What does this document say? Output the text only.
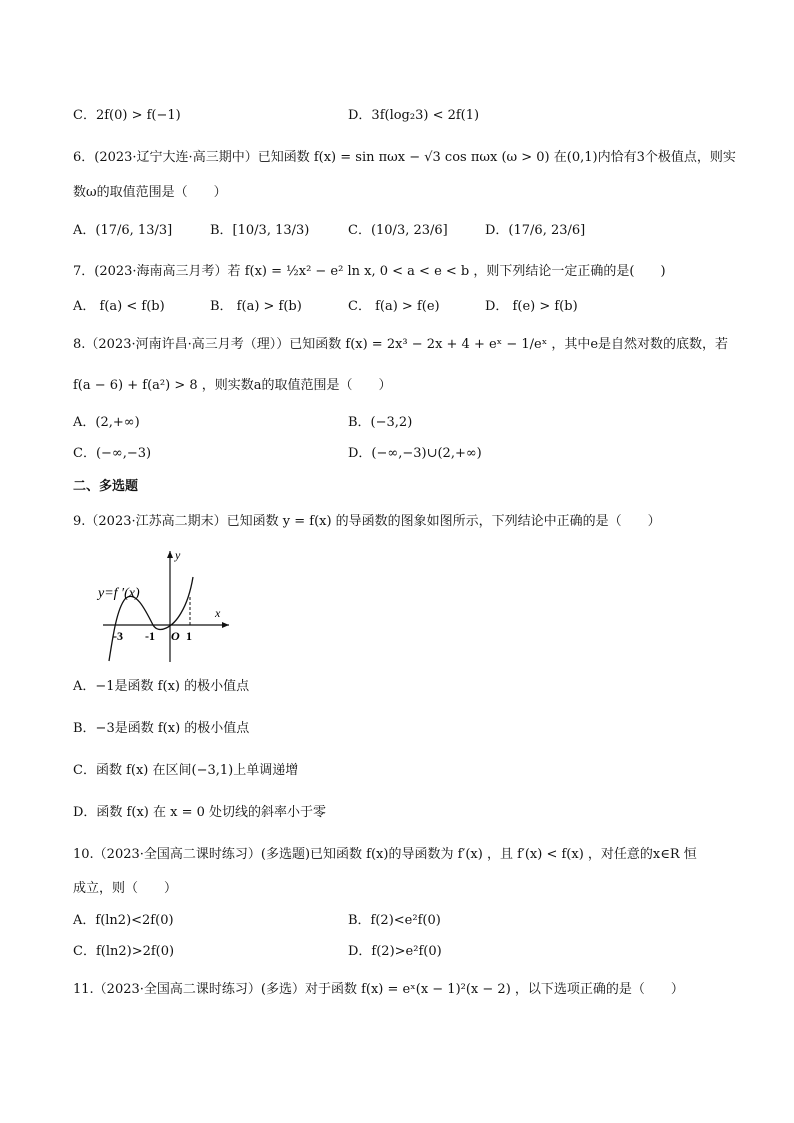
C．2f(0) > f(−1)	D．3f(log₂3) < 2f(1)
6．(2023·辽宁大连·高三期中）已知函数 f(x) = sin πωx − √3 cos πωx (ω > 0) 在(0,1)内恰有3个极值点，则实
数ω的取值范围是（　　）
A．(17/6, 13/3]	B．[10/3, 13/3)	C．(10/3, 23/6]	D．(17/6, 23/6]
7．(2023·海南高三月考）若 f(x) = ½x² − e² ln x, 0 < a < e < b ，则下列结论一定正确的是(　　)
A． f(a) < f(b)	B． f(a) > f(b)	C． f(a) > f(e)	D． f(e) > f(b)
8.（2023·河南许昌·高三月考（理））已知函数 f(x) = 2x³ − 2x + 4 + eˣ − 1/eˣ ，其中e是自然对数的底数，若
f(a − 6) + f(a²) > 8 ，则实数a的取值范围是（　　）
A．(2,+∞)	B．(−3,2)
C．(−∞,−3)	D．(−∞,−3)∪(2,+∞)
二、多选题
9.（2023·江苏高二期末）已知函数 y = f(x) 的导函数的图象如图所示，下列结论中正确的是（　　）
y=f ′(x)
y
x
O
-3 -1	1
A．−1是函数 f(x) 的极小值点
B．−3是函数 f(x) 的极小值点
C．函数 f(x) 在区间(−3,1)上单调递增
D．函数 f(x) 在 x = 0 处切线的斜率小于零
10.（2023·全国高二课时练习）(多选题)已知函数 f(x)的导函数为 f′(x) ，且 f′(x) < f(x) ，对任意的x∈R 恒
成立，则（　　）
A．f(ln2)<2f(0)	B．f(2)<e²f(0)
C．f(ln2)>2f(0)	D．f(2)>e²f(0)
11.（2023·全国高二课时练习）(多选）对于函数 f(x) = eˣ(x − 1)²(x − 2) ，以下选项正确的是（　　）
